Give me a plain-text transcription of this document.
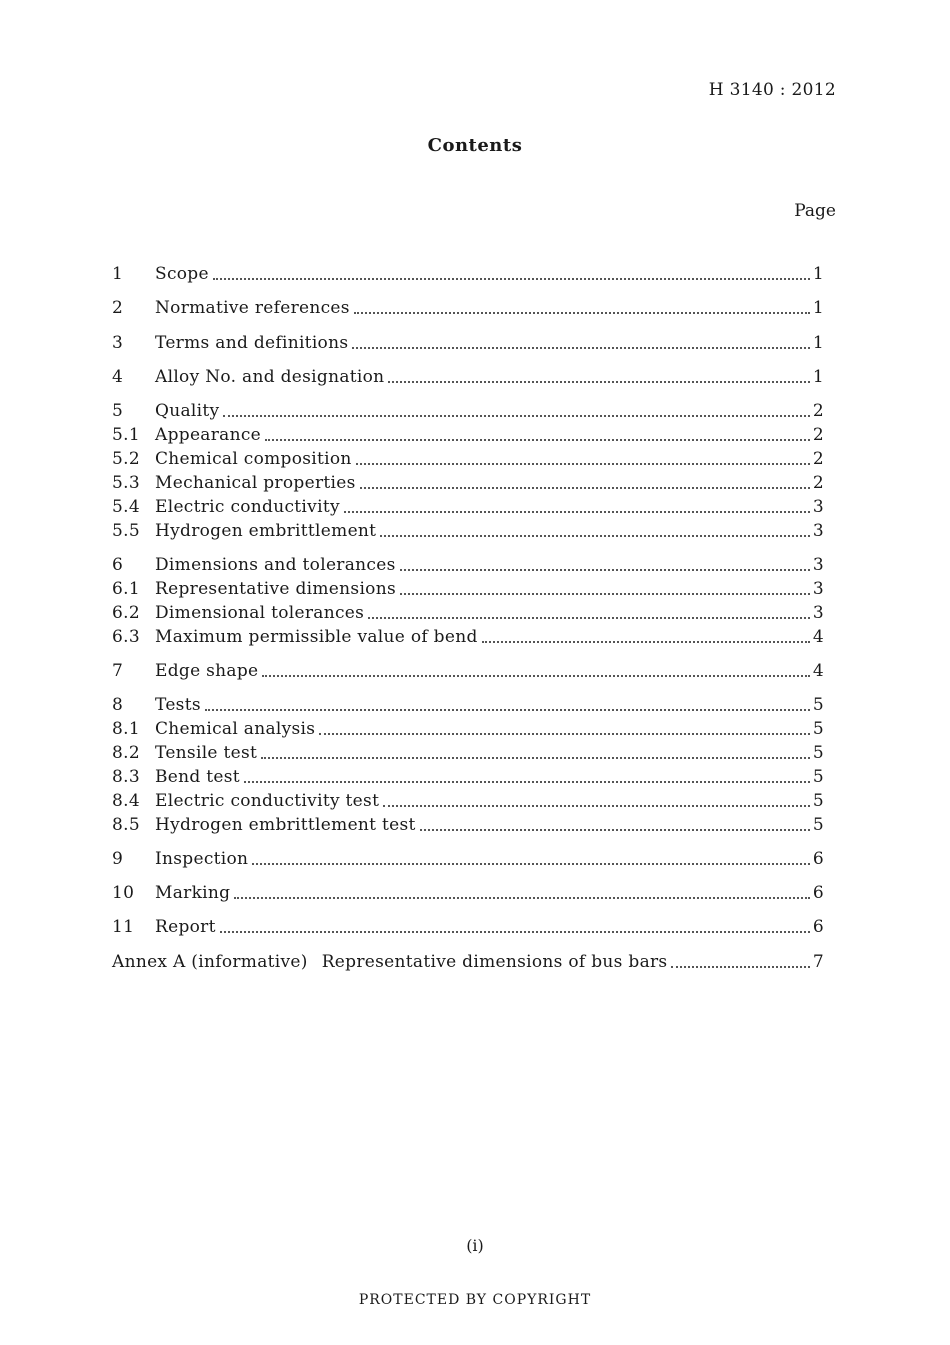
H 3140 : 2012
Contents
Page
1	Scope	1
2	Normative references	1
3	Terms and definitions	1
4	Alloy No. and designation	1
5	Quality	2
5.1 Appearance	2
5.2 Chemical composition	2
5.3 Mechanical properties	2
5.4 Electric conductivity	3
5.5 Hydrogen embrittlement	3
6	Dimensions and tolerances	3
6.1 Representative dimensions	3
6.2 Dimensional tolerances	3
6.3 Maximum permissible value of bend	4
7	Edge shape	4
8	Tests	5
8.1 Chemical analysis	5
8.2 Tensile test	5
8.3 Bend test	5
8.4 Electric conductivity test	5
8.5 Hydrogen embrittlement test	5
9	Inspection	6
10	Marking	6
11	Report	6
Annex A (informative) Representative dimensions of bus bars	7
(i)
PROTECTED BY COPYRIGHT
